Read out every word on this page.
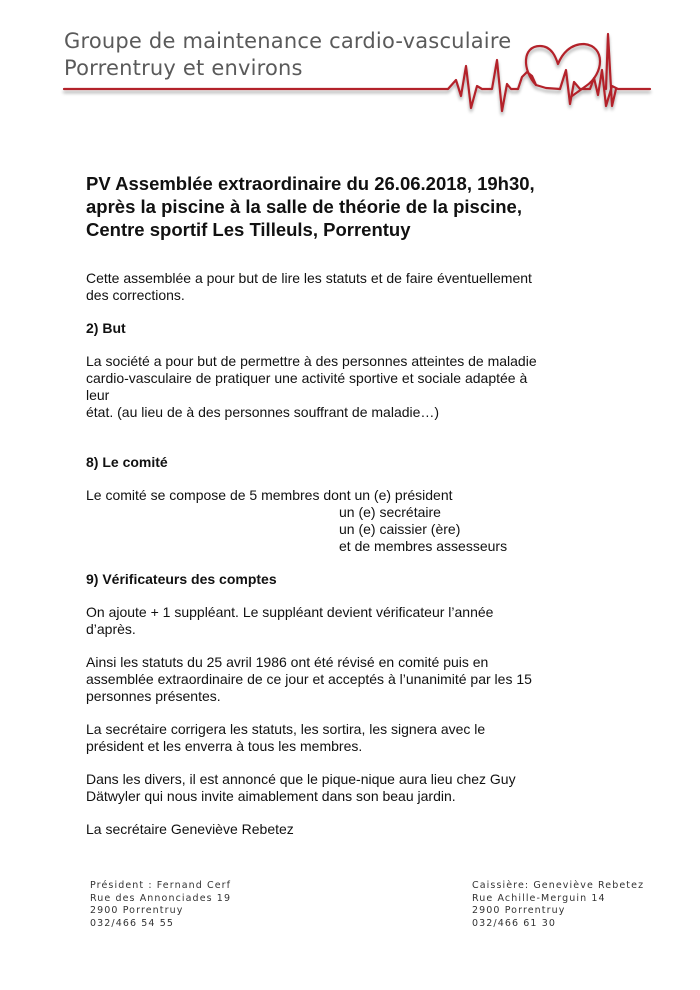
Groupe de maintenance cardio-vasculaire
Porrentruy et environs
PV Assemblée extraordinaire du 26.06.2018, 19h30,
après la piscine à la salle de théorie de la piscine,
Centre sportif Les Tilleuls, Porrentuy

Cette assemblée a pour but de lire les statuts et de faire éventuellement
des corrections.

2) But

La société a pour but de permettre à des personnes atteintes de maladie
cardio-vasculaire de pratiquer une activité sportive et sociale adaptée à
leur
état. (au lieu de à des personnes souffrant de maladie…)

8) Le comité

Le comité se compose de 5 membres dont un (e) président
un (e) secrétaire
un (e) caissier (ère)
et de membres assesseurs

9) Vérificateurs des comptes

On ajoute + 1 suppléant. Le suppléant devient vérificateur l’année
d’après.

Ainsi les statuts du 25 avril 1986 ont été révisé en comité puis en
assemblée extraordinaire de ce jour et acceptés à l’unanimité par les 15
personnes présentes.

La secrétaire corrigera les statuts, les sortira, les signera avec le
président et les enverra à tous les membres.

Dans les divers, il est annoncé que le pique-nique aura lieu chez Guy
Dätwyler qui nous invite aimablement dans son beau jardin.

La secrétaire Geneviève Rebetez

Président : Fernand Cerf
Rue des Annonciades 19
2900 Porrentruy
032/466 54 55
Caissière: Geneviève Rebetez
Rue Achille-Merguin 14
2900 Porrentruy
032/466 61 30
